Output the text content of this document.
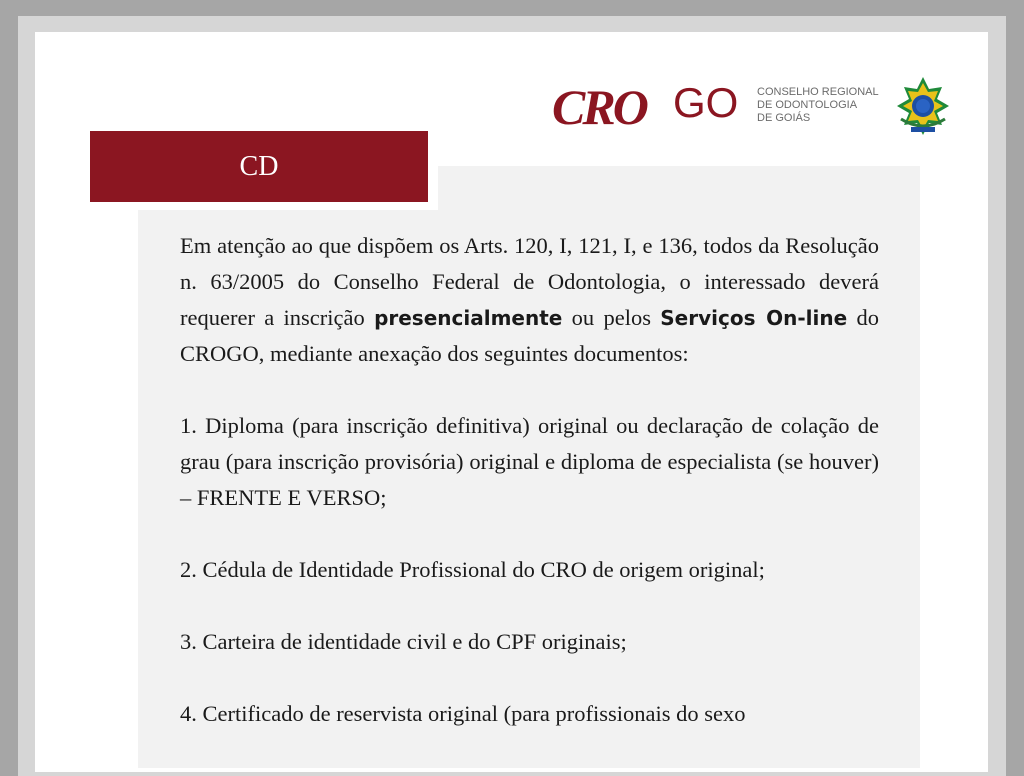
CRO GO CONSELHO REGIONAL
DE ODONTOLOGIA
DE GOIÁS
CD

Em atenção ao que dispõem os Arts. 120, I, 121, I, e 136, todos da Resolução n. 63/2005 do Conselho Federal de Odontologia, o interessado deverá requerer a inscrição presencialmente ou pelos Serviços On-line do CROGO, mediante anexação dos seguintes documentos:

1. Diploma (para inscrição definitiva) original ou declaração de colação de grau (para inscrição provisória) original e diploma de especialista (se houver) – FRENTE E VERSO;

2. Cédula de Identidade Profissional do CRO de origem original;

3. Carteira de identidade civil e do CPF originais;

4. Certificado de reservista original (para profissionais do sexo
